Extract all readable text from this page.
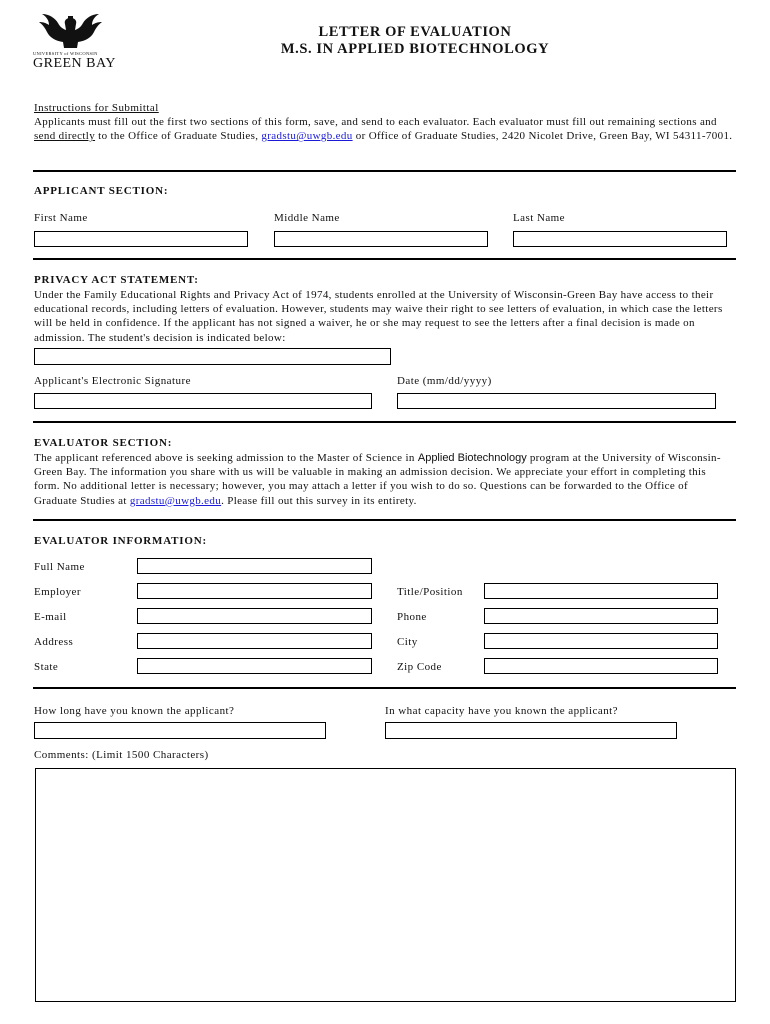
UNIVERSITY of WISCONSIN
GREEN BAY
LETTER OF EVALUATION
M.S. IN APPLIED BIOTECHNOLOGY
Instructions for Submittal
Applicants must fill out the first two sections of this form, save, and send to each evaluator. Each evaluator must fill out remaining sections and send directly to the Office of Graduate Studies, gradstu@uwgb.edu or Office of Graduate Studies, 2420 Nicolet Drive, Green Bay, WI 54311-7001.
APPLICANT SECTION:
First Name	Middle Name	Last Name
PRIVACY ACT STATEMENT:
Under the Family Educational Rights and Privacy Act of 1974, students enrolled at the University of Wisconsin-Green Bay have access to their educational records, including letters of evaluation. However, students may waive their right to see letters of evaluation, in which case the letters will be held in confidence. If the applicant has not signed a waiver, he or she may request to see the letters after a final decision is made on admission. The student's decision is indicated below:
Applicant's Electronic Signature	Date (mm/dd/yyyy)
EVALUATOR SECTION:
The applicant referenced above is seeking admission to the Master of Science in Applied Biotechnology program at the University of Wisconsin-Green Bay. The information you share with us will be valuable in making an admission decision. We appreciate your effort in completing this form. No additional letter is necessary; however, you may attach a letter if you wish to do so. Questions can be forwarded to the Office of Graduate Studies at gradstu@uwgb.edu. Please fill out this survey in its entirety.
EVALUATOR INFORMATION:
Full Name
Employer	Title/Position
E-mail	Phone
Address	City
State	Zip Code
How long have you known the applicant?	In what capacity have you known the applicant?
Comments: (Limit 1500 Characters)
